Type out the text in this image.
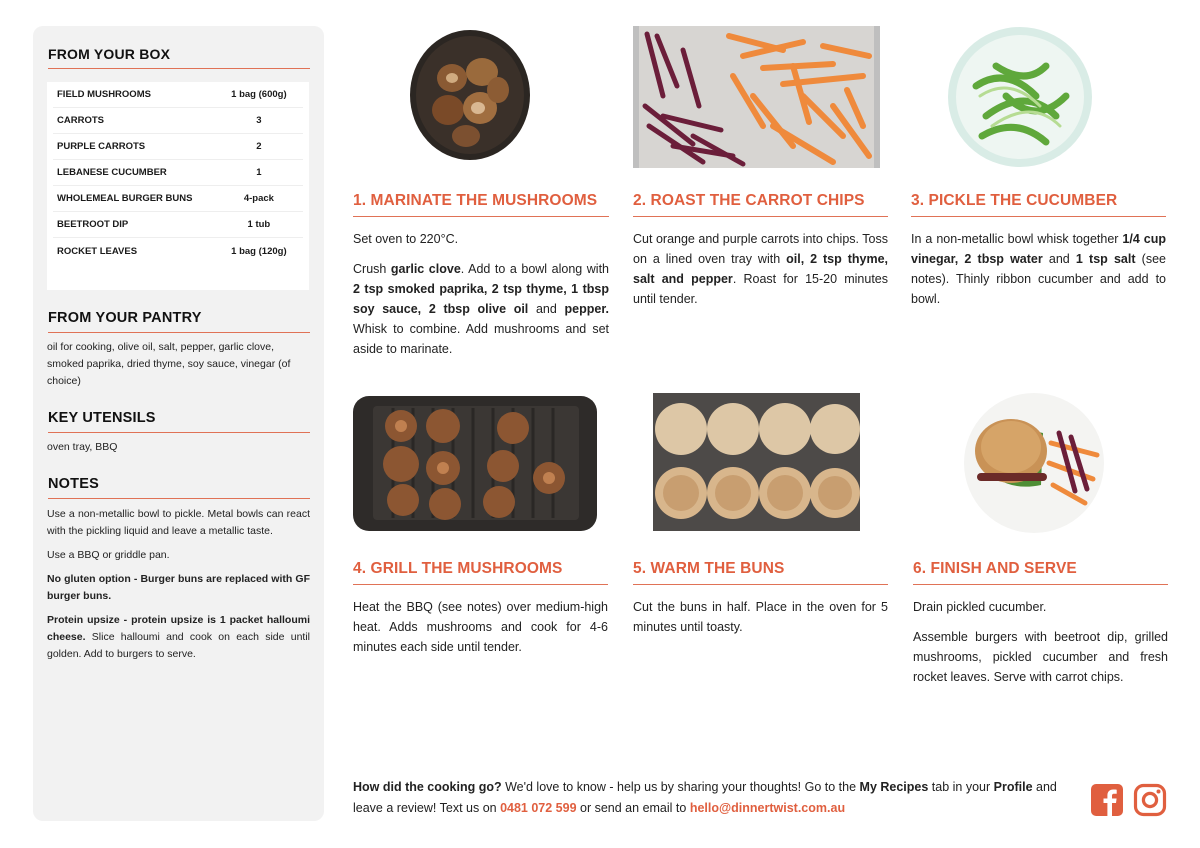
FROM YOUR BOX
FIELD MUSHROOMS	1 bag (600g)
CARROTS	3
PURPLE CARROTS	2
LEBANESE CUCUMBER	1
WHOLEMEAL BURGER BUNS	4-pack
BEETROOT DIP	1 tub
ROCKET LEAVES	1 bag (120g)
FROM YOUR PANTRY
oil for cooking, olive oil, salt, pepper, garlic clove, smoked paprika, dried thyme, soy sauce, vinegar (of choice)
KEY UTENSILS
oven tray, BBQ
NOTES

Use a non-metallic bowl to pickle. Metal bowls can react with the pickling liquid and leave a metallic taste.

Use a BBQ or griddle pan.

No gluten option - Burger buns are replaced with GF burger buns.

Protein upsize - protein upsize is 1 packet halloumi cheese. Slice halloumi and cook on each side until golden. Add to burgers to serve.

1. MARINATE THE MUSHROOMS

Set oven to 220°C.

Crush garlic clove. Add to a bowl along with 2 tsp smoked paprika, 2 tsp thyme, 1 tbsp soy sauce, 2 tbsp olive oil and pepper. Whisk to combine. Add mushrooms and set aside to marinate.

2. ROAST THE CARROT CHIPS

Cut orange and purple carrots into chips. Toss on a lined oven tray with oil, 2 tsp thyme, salt and pepper. Roast for 15-20 minutes until tender.

3. PICKLE THE CUCUMBER

In a non-metallic bowl whisk together 1/4 cup vinegar, 2 tbsp water and 1 tsp salt (see notes). Thinly ribbon cucumber and add to bowl.

4. GRILL THE MUSHROOMS

Heat the BBQ (see notes) over medium-high heat. Adds mushrooms and cook for 4-6 minutes each side until tender.

5. WARM THE BUNS

Cut the buns in half. Place in the oven for 5 minutes until toasty.

6. FINISH AND SERVE

Drain pickled cucumber.

Assemble burgers with beetroot dip, grilled mushrooms, pickled cucumber and fresh rocket leaves. Serve with carrot chips.

How did the cooking go? We'd love to know - help us by sharing your thoughts! Go to the My Recipes tab in your Profile and leave a review! Text us on 0481 072 599 or send an email to hello@dinnertwist.com.au
